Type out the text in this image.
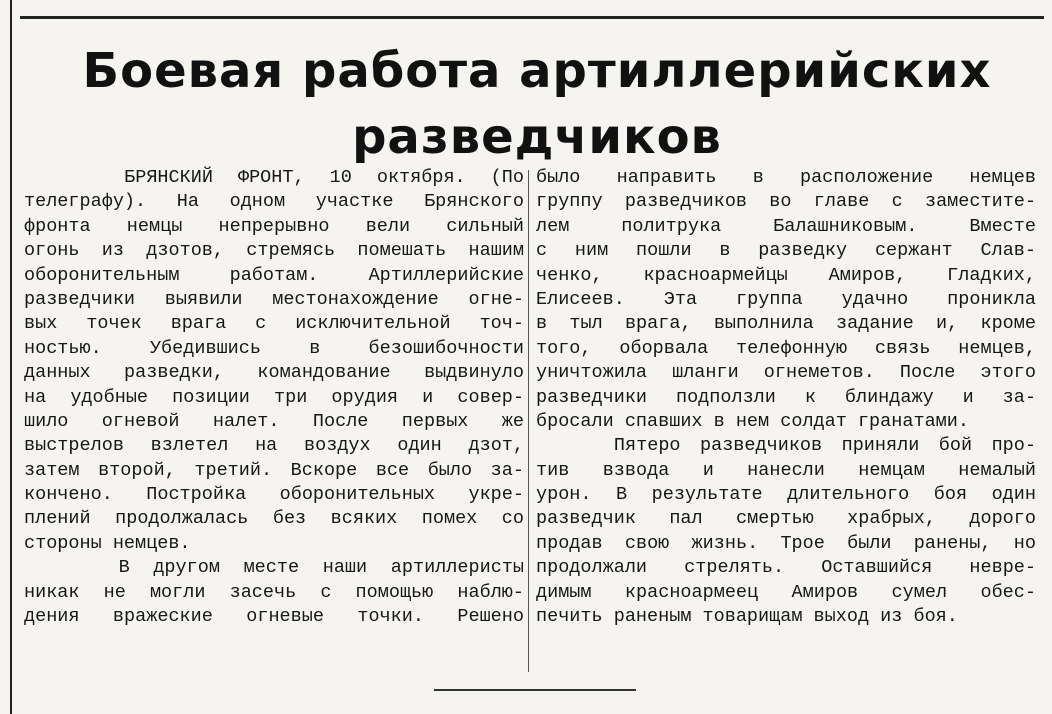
Боевая работа артиллерийских
разведчиков
БРЯНСКИЙ ФРОНТ, 10 октября. (По
телеграфу). На одном участке Брянского
фронта немцы непрерывно вели сильный
огонь из дзотов, стремясь помешать нашим
оборонительным работам. Артиллерийские
разведчики выявили местонахождение огне-
вых точек врага с исключительной точ-
ностью. Убедившись в безошибочности
данных разведки, командование выдвинуло
на удобные позиции три орудия и совер-
шило огневой налет. После первых же
выстрелов взлетел на воздух один дзот,
затем второй, третий. Вскоре все было за-
кончено. Постройка оборонительных укре-
плений продолжалась без всяких помех со
стороны немцев.
В другом месте наши артиллеристы
никак не могли засечь с помощью наблю-
дения вражеские огневые точки. Решено
было направить в расположение немцев
группу разведчиков во главе с заместите-
лем политрука Балашниковым. Вместе
с ним пошли в разведку сержант Слав-
ченко, красноармейцы Амиров, Гладких,
Елисеев. Эта группа удачно проникла
в тыл врага, выполнила задание и, кроме
того, оборвала телефонную связь немцев,
уничтожила шланги огнеметов. После этого
разведчики подползли к блиндажу и за-
бросали спавших в нем солдат гранатами.
Пятеро разведчиков приняли бой про-
тив взвода и нанесли немцам немалый
урон. В результате длительного боя один
разведчик пал смертью храбрых, дорого
продав свою жизнь. Трое были ранены, но
продолжали стрелять. Оставшийся невре-
димым красноармеец Амиров сумел обес-
печить раненым товарищам выход из боя.
